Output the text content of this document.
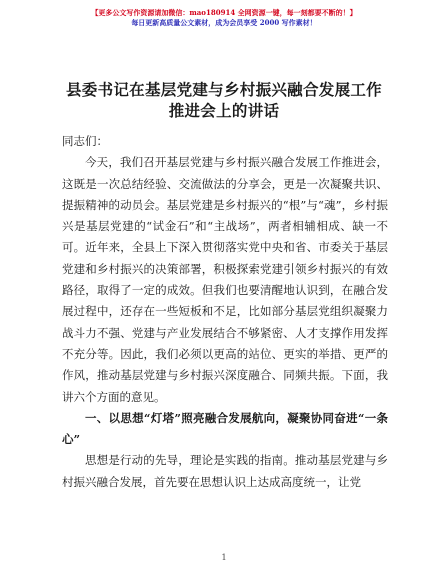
【更多公文写作资源请加微信：mao180914 全网资源一键，每一刻都要不断的！】
每日更新高质量公文素材，成为会员享受 2000 写作素材！
县委书记在基层党建与乡村振兴融合发展工作
推进会上的讲话

同志们：

今天，我们召开基层党建与乡村振兴融合发展工作推进会，这既是一次总结经验、交流做法的分享会，更是一次凝聚共识、提振精神的动员会。基层党建是乡村振兴的“根”与“魂”，乡村振兴是基层党建的“试金石”和“主战场”，两者相辅相成、缺一不可。近年来，全县上下深入贯彻落实党中央和省、市委关于基层党建和乡村振兴的决策部署，积极探索党建引领乡村振兴的有效路径，取得了一定的成效。但我们也要清醒地认识到，在融合发展过程中，还存在一些短板和不足，比如部分基层党组织凝聚力战斗力不强、党建与产业发展结合不够紧密、人才支撑作用发挥不充分等。因此，我们必须以更高的站位、更实的举措、更严的作风，推动基层党建与乡村振兴深度融合、同频共振。下面，我讲六个方面的意见。

一、以思想“灯塔”照亮融合发展航向，凝聚协同奋进“一条心”

思想是行动的先导，理论是实践的指南。推动基层党建与乡村振兴融合发展，首先要在思想认识上达成高度统一，让党

1
